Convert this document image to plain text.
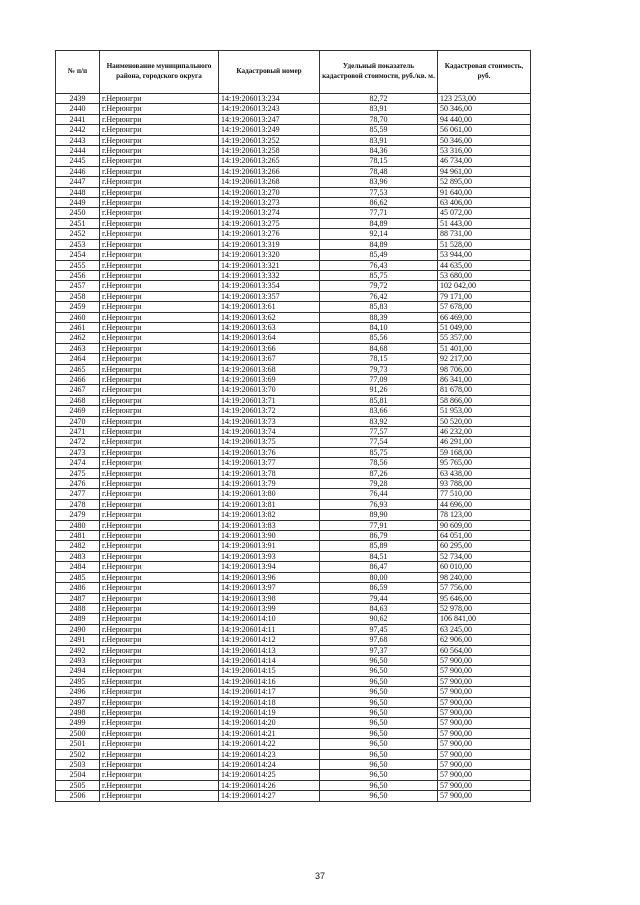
№ п/п	Наименование муниципального района, городского округа	Кадастровый номер	Удельный показатель кадастровой стоимости, руб./кв. м.	Кадастровая стоимость, руб.
2439	г.Нерюнгри	14:19:206013:234	82,72	123 253,00
2440	г.Нерюнгри	14:19:206013:243	83,91	50 346,00
2441	г.Нерюнгри	14:19:206013:247	78,70	94 440,00
2442	г.Нерюнгри	14:19:206013:249	85,59	56 061,00
2443	г.Нерюнгри	14:19:206013:252	83,91	50 346,00
2444	г.Нерюнгри	14:19:206013:258	84,36	53 316,00
2445	г.Нерюнгри	14:19:206013:265	78,15	46 734,00
2446	г.Нерюнгри	14:19:206013:266	78,48	94 961,00
2447	г.Нерюнгри	14:19:206013:268	83,96	52 895,00
2448	г.Нерюнгри	14:19:206013:270	77,53	91 640,00
2449	г.Нерюнгри	14:19:206013:273	86,62	63 406,00
2450	г.Нерюнгри	14:19:206013:274	77,71	45 072,00
2451	г.Нерюнгри	14:19:206013:275	84,89	51 443,00
2452	г.Нерюнгри	14:19:206013:276	92,14	88 731,00
2453	г.Нерюнгри	14:19:206013:319	84,89	51 528,00
2454	г.Нерюнгри	14:19:206013:320	85,49	53 944,00
2455	г.Нерюнгри	14:19:206013:321	76,43	44 635,00
2456	г.Нерюнгри	14:19:206013:332	85,75	53 680,00
2457	г.Нерюнгри	14:19:206013:354	79,72	102 042,00
2458	г.Нерюнгри	14:19:206013:357	76,42	79 171,00
2459	г.Нерюнгри	14:19:206013:61	85,83	57 678,00
2460	г.Нерюнгри	14:19:206013:62	88,39	66 469,00
2461	г.Нерюнгри	14:19:206013:63	84,10	51 049,00
2462	г.Нерюнгри	14:19:206013:64	85,56	55 357,00
2463	г.Нерюнгри	14:19:206013:66	84,68	51 401,00
2464	г.Нерюнгри	14:19:206013:67	78,15	92 217,00
2465	г.Нерюнгри	14:19:206013:68	79,73	98 706,00
2466	г.Нерюнгри	14:19:206013:69	77,09	86 341,00
2467	г.Нерюнгри	14:19:206013:70	91,26	81 678,00
2468	г.Нерюнгри	14:19:206013:71	85,81	58 866,00
2469	г.Нерюнгри	14:19:206013:72	83,66	51 953,00
2470	г.Нерюнгри	14:19:206013:73	83,92	50 520,00
2471	г.Нерюнгри	14:19:206013:74	77,57	46 232,00
2472	г.Нерюнгри	14:19:206013:75	77,54	46 291,00
2473	г.Нерюнгри	14:19:206013:76	85,75	59 168,00
2474	г.Нерюнгри	14:19:206013:77	78,56	95 765,00
2475	г.Нерюнгри	14:19:206013:78	87,26	63 438,00
2476	г.Нерюнгри	14:19:206013:79	79,28	93 788,00
2477	г.Нерюнгри	14:19:206013:80	76,44	77 510,00
2478	г.Нерюнгри	14:19:206013:81	76,93	44 696,00
2479	г.Нерюнгри	14:19:206013:82	89,90	78 123,00
2480	г.Нерюнгри	14:19:206013:83	77,91	90 609,00
2481	г.Нерюнгри	14:19:206013:90	86,79	64 051,00
2482	г.Нерюнгри	14:19:206013:91	85,89	60 295,00
2483	г.Нерюнгри	14:19:206013:93	84,51	52 734,00
2484	г.Нерюнгри	14:19:206013:94	86,47	60 010,00
2485	г.Нерюнгри	14:19:206013:96	80,00	98 240,00
2486	г.Нерюнгри	14:19:206013:97	86,59	57 756,00
2487	г.Нерюнгри	14:19:206013:98	79,44	95 646,00
2488	г.Нерюнгри	14:19:206013:99	84,63	52 978,00
2489	г.Нерюнгри	14:19:206014:10	90,62	106 841,00
2490	г.Нерюнгри	14:19:206014:11	97,45	63 245,00
2491	г.Нерюнгри	14:19:206014:12	97,68	62 906,00
2492	г.Нерюнгри	14:19:206014:13	97,37	60 564,00
2493	г.Нерюнгри	14:19:206014:14	96,50	57 900,00
2494	г.Нерюнгри	14:19:206014:15	96,50	57 900,00
2495	г.Нерюнгри	14:19:206014:16	96,50	57 900,00
2496	г.Нерюнгри	14:19:206014:17	96,50	57 900,00
2497	г.Нерюнгри	14:19:206014:18	96,50	57 900,00
2498	г.Нерюнгри	14:19:206014:19	96,50	57 900,00
2499	г.Нерюнгри	14:19:206014:20	96,50	57 900,00
2500	г.Нерюнгри	14:19:206014:21	96,50	57 900,00
2501	г.Нерюнгри	14:19:206014:22	96,50	57 900,00
2502	г.Нерюнгри	14:19:206014:23	96,50	57 900,00
2503	г.Нерюнгри	14:19:206014:24	96,50	57 900,00
2504	г.Нерюнгри	14:19:206014:25	96,50	57 900,00
2505	г.Нерюнгри	14:19:206014:26	96,50	57 900,00
2506	г.Нерюнгри	14:19:206014:27	96,50	57 900,00
37
